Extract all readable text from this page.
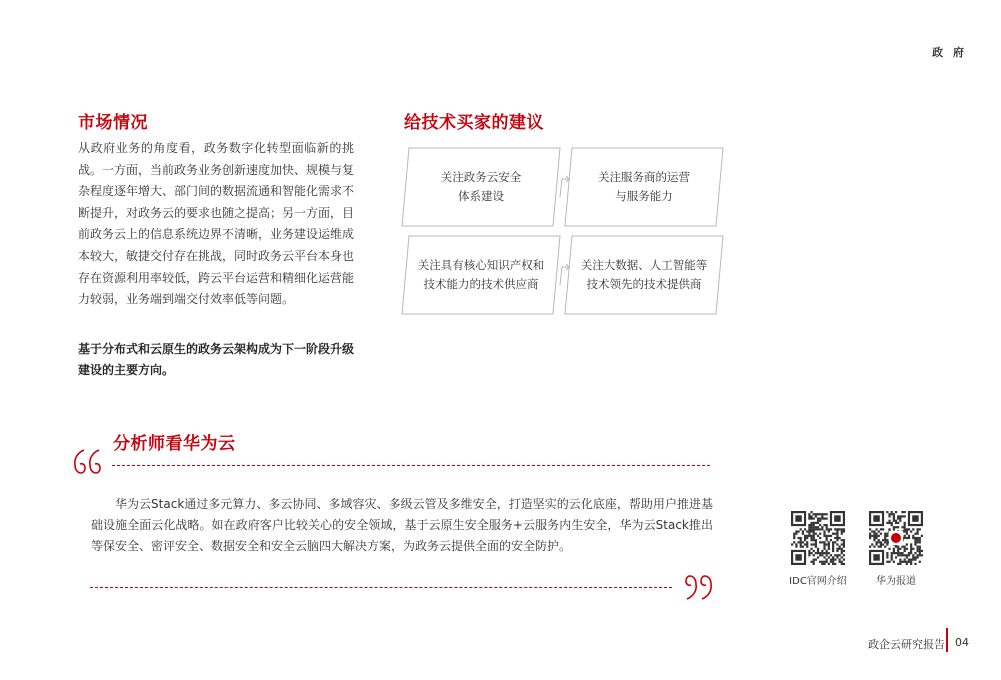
政 府
市场情况

从政府业务的角度看，政务数字化转型面临新的挑战。一方面，当前政务业务创新速度加快、规模与复杂程度逐年增大、部门间的数据流通和智能化需求不断提升，对政务云的要求也随之提高；另一方面，目前政务云上的信息系统边界不清晰，业务建设运维成本较大，敏捷交付存在挑战，同时政务云平台本身也存在资源利用率较低，跨云平台运营和精细化运营能力较弱，业务端到端交付效率低等问题。

基于分布式和云原生的政务云架构成为下一阶段升级建设的主要方向。

给技术买家的建议
关注政务云安全
体系建设
关注服务商的运营
与服务能力
关注具有核心知识产权和
技术能力的技术供应商
关注大数据、人工智能等
技术领先的技术提供商
分析师看华为云

华为云Stack通过多元算力、多云协同、多域容灾、多级云管及多维安全，打造坚实的云化底座，帮助用户推进基础设施全面云化战略。如在政府客户比较关心的安全领域，基于云原生安全服务+云服务内生安全，华为云Stack推出等保安全、密评安全、数据安全和安全云脑四大解决方案，为政务云提供全面的安全防护。

IDC官网介绍	华为报道
政企云研究报告 04
